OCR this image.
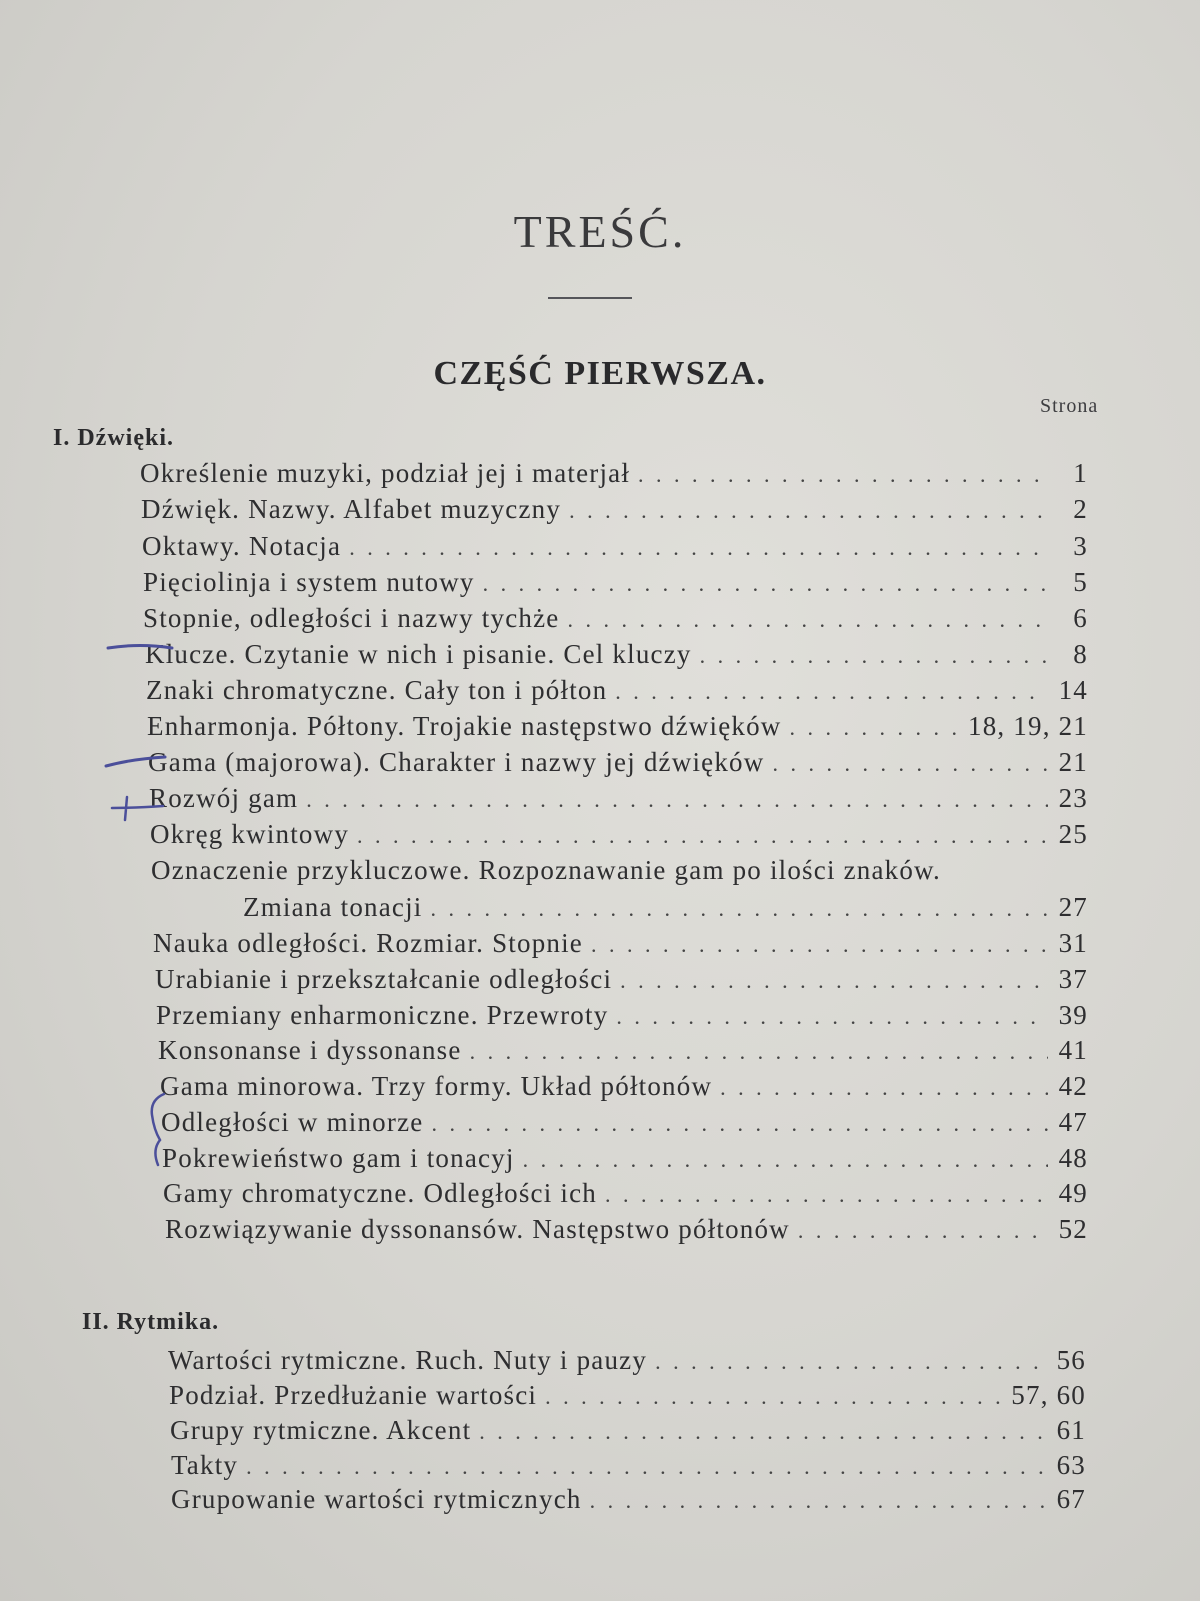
TREŚĆ.
CZĘŚĆ PIERWSZA.
Strona
I. Dźwięki.
Określenie muzyki, podział jej i materjał . . .	1
Dźwięk. Nazwy. Alfabet muzyczny . . .	2
Oktawy. Notacja . . .	3
Pięciolinja i system nutowy . . .	5
Stopnie, odległości i nazwy tychże . . .	6
Klucze. Czytanie w nich i pisanie. Cel kluczy . . .	8
Znaki chromatyczne. Cały ton i półton . . .	14
Enharmonja. Półtony. Trojakie następstwo dźwięków . . .	18, 19, 21
Gama (majorowa). Charakter i nazwy jej dźwięków . . .	21
Rozwój gam . . .	23
Okręg kwintowy . . .	25
Oznaczenie przykluczowe. Rozpoznawanie gam po ilości znaków.
Zmiana tonacji . . .	27
Nauka odległości. Rozmiar. Stopnie . . .	31
Urabianie i przekształcanie odległości . . .	37
Przemiany enharmoniczne. Przewroty . . .	39
Konsonanse i dyssonanse . . .	41
Gama minorowa. Trzy formy. Układ półtonów . . .	42
Odległości w minorze . . .	47
Pokrewieństwo gam i tonacyj . . .	48
Gamy chromatyczne. Odległości ich . . .	49
Rozwiązywanie dyssonansów. Następstwo półtonów . . .	52
II. Rytmika.
Wartości rytmiczne. Ruch. Nuty i pauzy . . .	56
Podział. Przedłużanie wartości . . .	57, 60
Grupy rytmiczne. Akcent . . .	61
Takty . . .	63
Grupowanie wartości rytmicznych . . .	67
